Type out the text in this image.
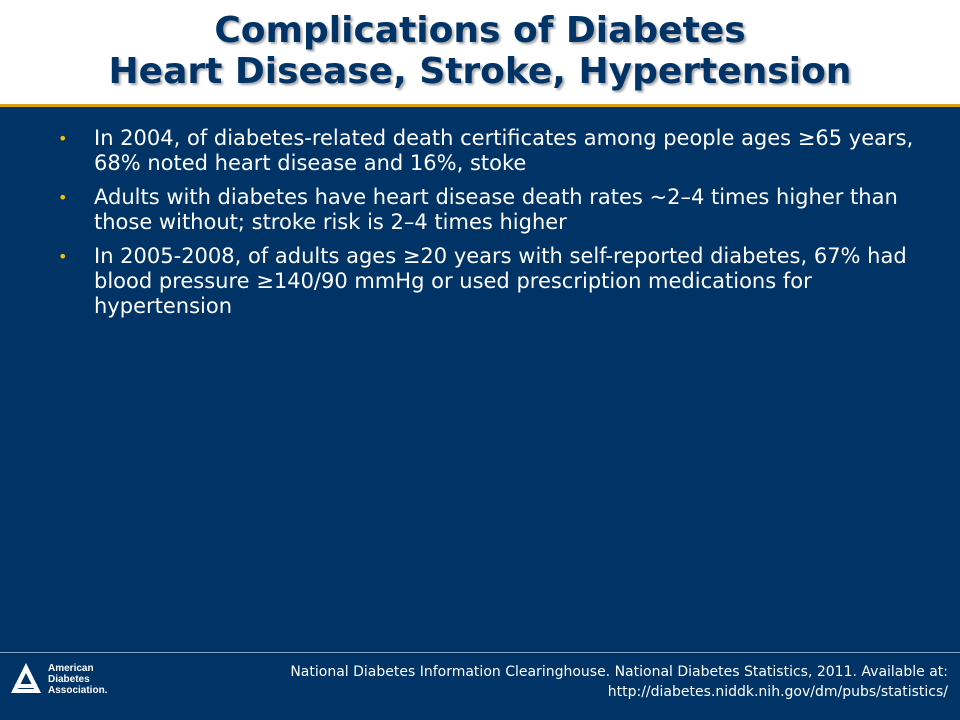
Complications of Diabetes
Heart Disease, Stroke, Hypertension
• In 2004, of diabetes-related death certificates among people ages ≥65 years, 68% noted heart disease and 16%, stoke
• Adults with diabetes have heart disease death rates ~2–4 times higher than those without; stroke risk is 2–4 times higher
• In 2005-2008, of adults ages ≥20 years with self-reported diabetes, 67% had blood pressure ≥140/90 mmHg or used prescription medications for hypertension
American
Diabetes
Association.
National Diabetes Information Clearinghouse. National Diabetes Statistics, 2011. Available at:
http://diabetes.niddk.nih.gov/dm/pubs/statistics/
